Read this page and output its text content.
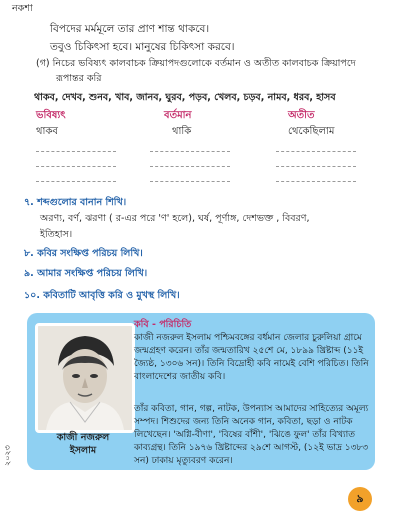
নকশা
বিপদের মর্মমূলে তার প্রাণ শান্ত থাকবে।
তবুও চিকিৎসা হবে। মানুষের চিকিৎসা করবে।
(গ) নিচের ভবিষ্যৎ কালবাচক ক্রিয়াপদগুলোকে বর্তমান ও অতীত কালবাচক ক্রিয়াপদে
রূপান্তর করি
থাকব, দেখব, শুনব, খাব, জানব, ঘুরব, পড়ব, খেলব, চড়ব, নামব, ধরব, হাসব
ভবিষ্যৎ	বর্তমান	অতীত
থাকব	থাকি	থেকেছিলাম
৭. শব্দগুলোর বানান শিখি।
অরণ্য, বর্ণ, ঝরণা ( র-এর পরে 'ণ' হলে), ঘর্ষ, পূর্ণাঙ্গ, দেশভক্ত , বিবরণ,
ইতিহাস।
৮. কবির সংক্ষিপ্ত পরিচয় লিখি।
৯. আমার সংক্ষিপ্ত পরিচয় লিখি।
১০. কবিতাটি আবৃত্তি করি ও মুখস্থ লিখি।
কাজী নজরুল
ইসলাম
কবি - পরিচিতি
কাজী নজরুল ইসলাম পশ্চিমবঙ্গের বর্ধমান জেলার চুরুলিয়া গ্রামে জন্মগ্রহণ করেন। তাঁর জন্মতারিখ ২৫শে মে, ১৮৯৯ খ্রিষ্টাব্দ (১১ই জ্যৈষ্ঠ, ১৩০৬ সন)। তিনি বিদ্রোহী কবি নামেই বেশি পরিচিত। তিনি বাংলাদেশের জাতীয় কবি।
তাঁর কবিতা, গান, গল্প, নাটক, উপন্যাস আমাদের সাহিত্যের অমূল্য সম্পদ। শিশুদের জন্য তিনি অনেক গান, কবিতা, ছড়া ও নাটক লিখেছেন। 'অগ্নি-বীণা', 'বিষের বাঁশী', 'ঝিঙে ফুল' তাঁর বিখ্যাত কাব্যগ্রন্থ। তিনি ১৯৭৬ খ্রিষ্টাব্দের ২৯শে আগস্ট, (১২ই ভাদ্র ১৩৮৩ সন) ঢাকায় মৃত্যুবরণ করেন।
২০২৩
৯
